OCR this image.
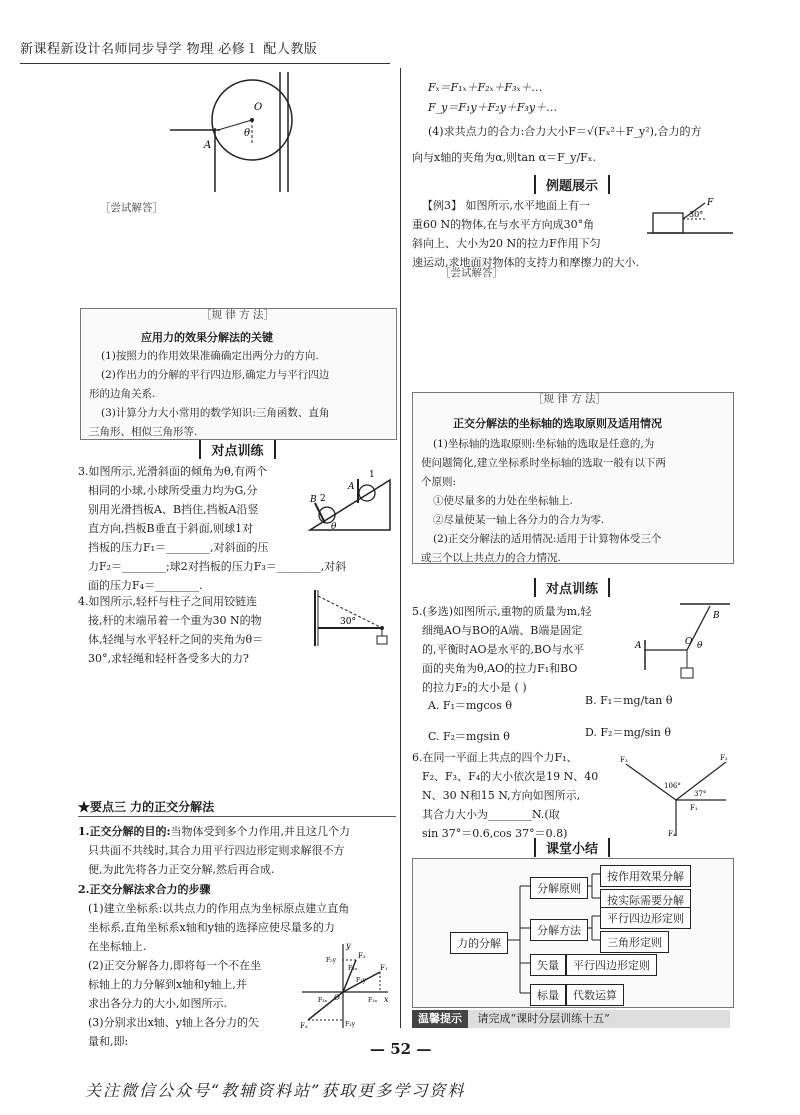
新课程新设计名师同步导学 物理 必修１ 配人教版
O
θ
A
［尝试解答］
［规 律 方 法］
应用力的效果分解法的关键
(1)按照力的作用效果准确确定出两分力的方向.
(2)作出力的分解的平行四边形,确定力与平行四边
形的边角关系.
(3)计算分力大小常用的数学知识:三角函数、直角
三角形、相似三角形等.
对点训练
3.如图所示,光滑斜面的倾角为θ,有两个
相同的小球,小球所受重力均为G,分
别用光滑挡板A、B挡住,挡板A沿竖
直方向,挡板B垂直于斜面,则球1对
挡板的压力F₁＝________,对斜面的压
力F₂＝________;球2对挡板的压力F₃＝________,对斜
面的压力F₄＝________.
B 2
A
1
θ
4.如图所示,轻杆与柱子之间用铰链连
接,杆的末端吊着一个重为30 N的物
体,轻绳与水平轻杆之间的夹角为θ＝
30°,求轻绳和轻杆各受多大的力?
30°
★要点三 力的正交分解法
1.正交分解的目的:当物体受到多个力作用,并且这几个力
只共面不共线时,其合力用平行四边形定则求解很不方
便,为此先将各力正交分解,然后再合成.
2.正交分解法求合力的步骤
(1)建立坐标系:以共点力的作用点为坐标原点建立直角
坐标系,直角坐标系x轴和y轴的选择应使尽量多的力
在坐标轴上.
(2)正交分解各力,即将每一个不在坐
标轴上的力分解到x轴和y轴上,并
求出各分力的大小,如图所示.
(3)分别求出x轴、y轴上各分力的矢
量和,即:
y
x
O
F₁
F₂
F₃
F₁ₓ
F₁y
F₂ₓ
F₂y
F₃ₓ
F₃y
Fₓ＝F₁ₓ＋F₂ₓ＋F₃ₓ＋…
F_y＝F₁y＋F₂y＋F₃y＋…
(4)求共点力的合力:合力大小F＝√(Fₓ²＋F_y²),合力的方
向与x轴的夹角为α,则tan α＝F_y/Fₓ.
例题展示
【例3】 如图所示,水平地面上有一
重60 N的物体,在与水平方向成30°角
斜向上、大小为20 N的拉力F作用下匀
速运动,求地面对物体的支持力和摩擦力的大小.
F
30°
［尝试解答］
［规 律 方 法］
正交分解法的坐标轴的选取原则及适用情况
(1)坐标轴的选取原则:坐标轴的选取是任意的,为
使问题简化,建立坐标系时坐标轴的选取一般有以下两
个原则:
①使尽量多的力处在坐标轴上.
②尽量使某一轴上各分力的合力为零.
(2)正交分解法的适用情况:适用于计算物体受三个
或三个以上共点力的合力情况.
对点训练
5.(多选)如图所示,重物的质量为m,轻
细绳AO与BO的A端、B端是固定
的,平衡时AO是水平的,BO与水平
面的夹角为θ,AO的拉力F₁和BO
的拉力F₂的大小是 ( )
A	O
B
θ
A. F₁＝mgcos θ	B. F₁＝mg/tan θ
C. F₂＝mgsin θ	D. F₂＝mg/sin θ
6.在同一平面上共点的四个力F₁、
F₂、F₃、F₄的大小依次是19 N、40
N、30 N和15 N,方向如图所示,
其合力大小为________N.(取
sin 37°＝0.6,cos 37°＝0.8)
F₁
F₂
F₃
F₄
106°
37°
课堂小结
力的分解
分解原则
按作用效果分解
按实际需要分解
分解方法
平行四边形定则
三角形定则
矢量	平行四边形定则
标量	代数运算
温馨提示 请完成“课时分层训练十五”
— 52 —
关注微信公众号“教辅资料站”获取更多学习资料
